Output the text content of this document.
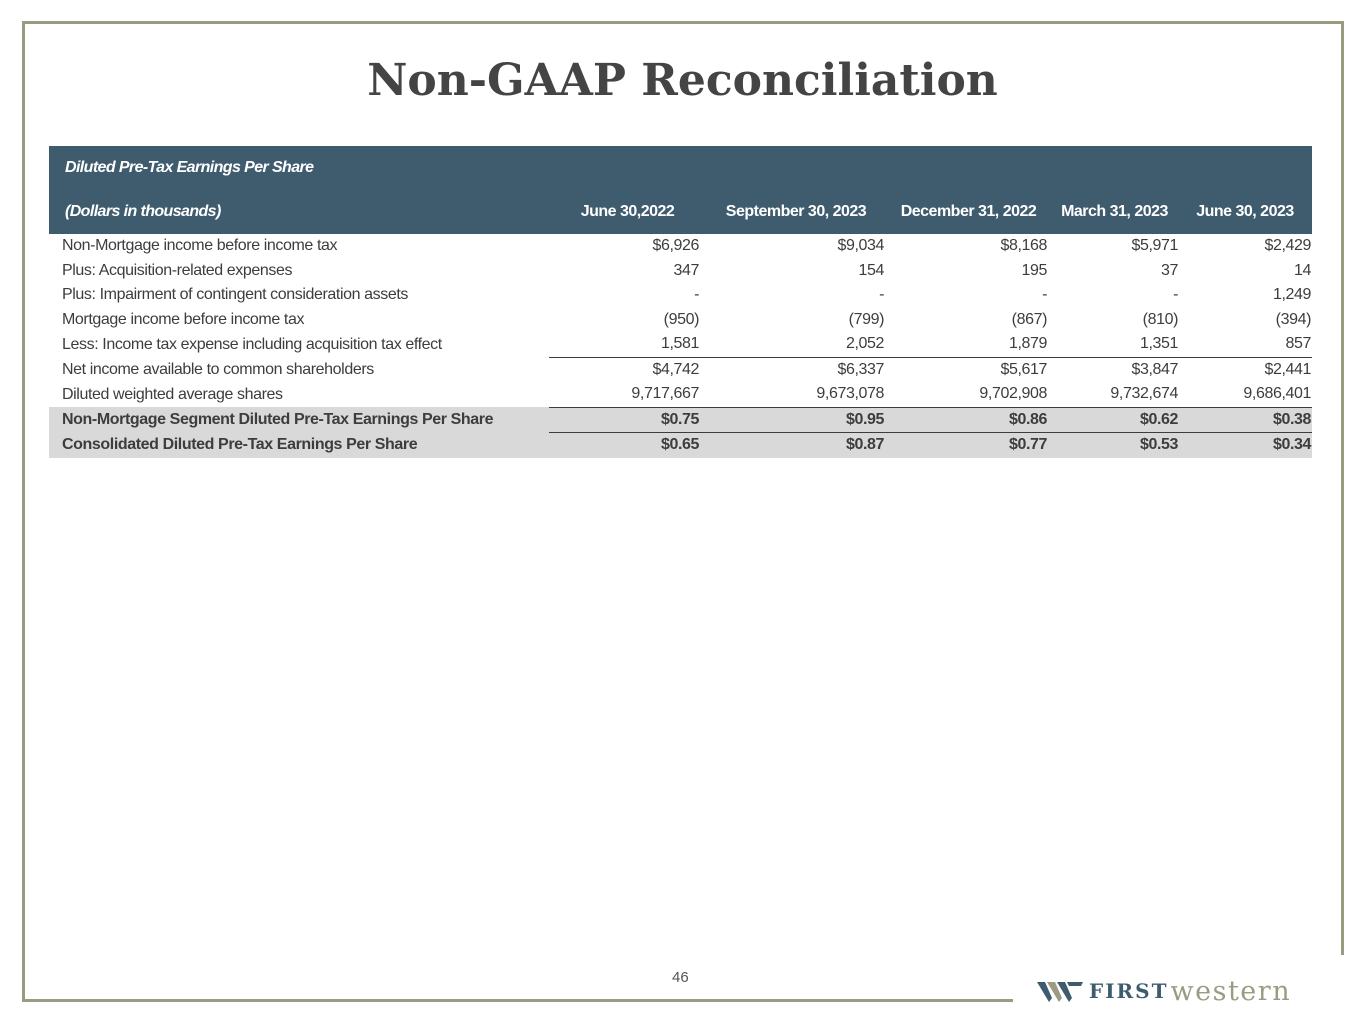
Non-GAAP Reconciliation
Diluted Pre-Tax Earnings Per Share					
(Dollars in thousands)	June 30,2022	September 30, 2023	December 31, 2022	March 31, 2023	June 30, 2023
Non-Mortgage income before income tax	$6,926	$9,034	$8,168	$5,971	$2,429
Plus: Acquisition-related expenses	347	154	195	37	14
Plus: Impairment of contingent consideration assets	-	-	-	-	1,249
Mortgage income before income tax	(950)	(799)	(867)	(810)	(394)
Less: Income tax expense including acquisition tax effect	1,581	2,052	1,879	1,351	857
Net income available to common shareholders	$4,742	$6,337	$5,617	$3,847	$2,441
Diluted weighted average shares	9,717,667	9,673,078	9,702,908	9,732,674	9,686,401
Non-Mortgage Segment Diluted Pre-Tax Earnings Per Share	$0.75	$0.95	$0.86	$0.62	$0.38
Consolidated Diluted Pre-Tax Earnings Per Share	$0.65	$0.87	$0.77	$0.53	$0.34
46
FIRST western
